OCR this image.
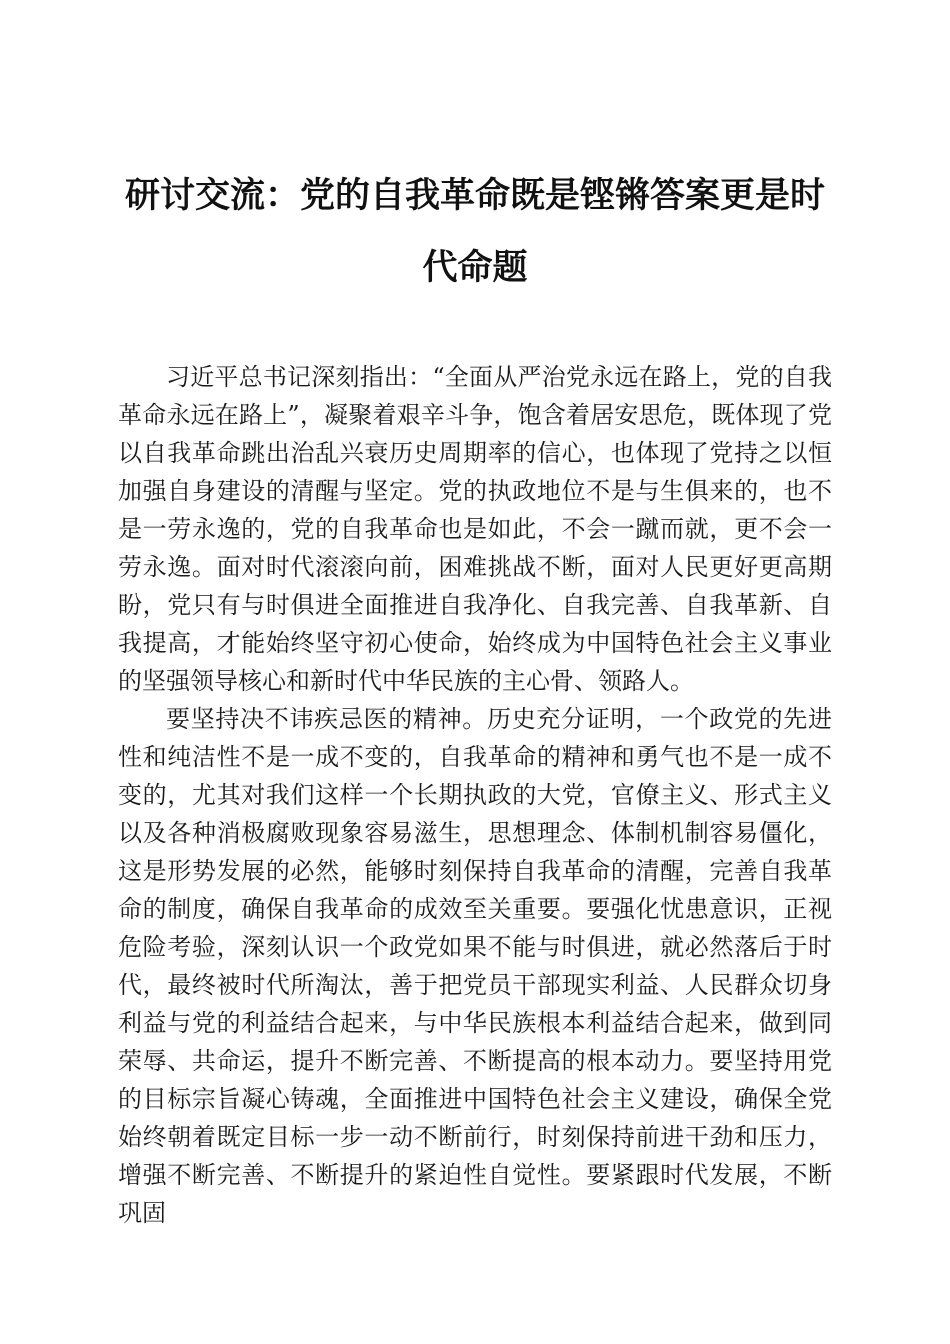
研讨交流：党的自我革命既是铿锵答案更是时代命题

习近平总书记深刻指出：“全面从严治党永远在路上，党的自我革命永远在路上”，凝聚着艰辛斗争，饱含着居安思危，既体现了党以自我革命跳出治乱兴衰历史周期率的信心，也体现了党持之以恒加强自身建设的清醒与坚定。党的执政地位不是与生俱来的，也不是一劳永逸的，党的自我革命也是如此，不会一蹴而就，更不会一劳永逸。面对时代滚滚向前，困难挑战不断，面对人民更好更高期盼，党只有与时俱进全面推进自我净化、自我完善、自我革新、自我提高，才能始终坚守初心使命，始终成为中国特色社会主义事业的坚强领导核心和新时代中华民族的主心骨、领路人。

要坚持决不讳疾忌医的精神。历史充分证明，一个政党的先进性和纯洁性不是一成不变的，自我革命的精神和勇气也不是一成不变的，尤其对我们这样一个长期执政的大党，官僚主义、形式主义以及各种消极腐败现象容易滋生，思想理念、体制机制容易僵化，这是形势发展的必然，能够时刻保持自我革命的清醒，完善自我革命的制度，确保自我革命的成效至关重要。要强化忧患意识，正视危险考验，深刻认识一个政党如果不能与时俱进，就必然落后于时代，最终被时代所淘汰，善于把党员干部现实利益、人民群众切身利益与党的利益结合起来，与中华民族根本利益结合起来，做到同荣辱、共命运，提升不断完善、不断提高的根本动力。要坚持用党的目标宗旨凝心铸魂，全面推进中国特色社会主义建设，确保全党始终朝着既定目标一步一动不断前行，时刻保持前进干劲和压力，增强不断完善、不断提升的紧迫性自觉性。要紧跟时代发展，不断巩固
